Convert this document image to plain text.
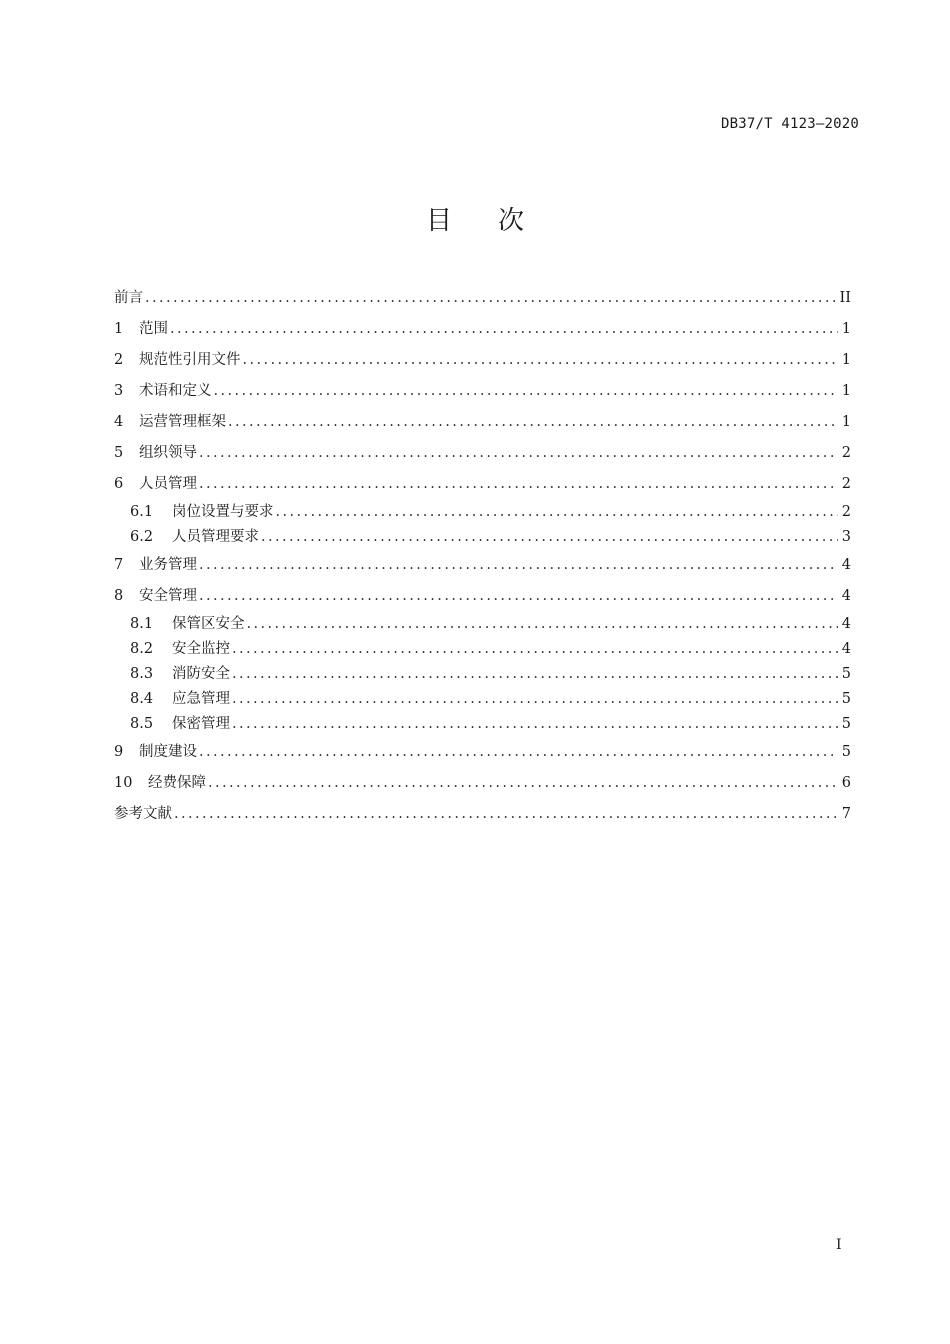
DB37/T 4123—2020
目次
前言 .....	II
1	范围 .....	1
2	规范性引用文件 .....	1
3	术语和定义 .....	1
4	运营管理框架 .....	1
5	组织领导 .....	2
6	人员管理 .....	2
6.1	岗位设置与要求 .....	2
6.2	人员管理要求 .....	3
7	业务管理 .....	4
8	安全管理 .....	4
8.1	保管区安全 .....	4
8.2	安全监控 .....	4
8.3	消防安全 .....	5
8.4	应急管理 .....	5
8.5	保密管理 .....	5
9	制度建设 .....	5
10	经费保障 .....	6
参考文献 .....	7
I
